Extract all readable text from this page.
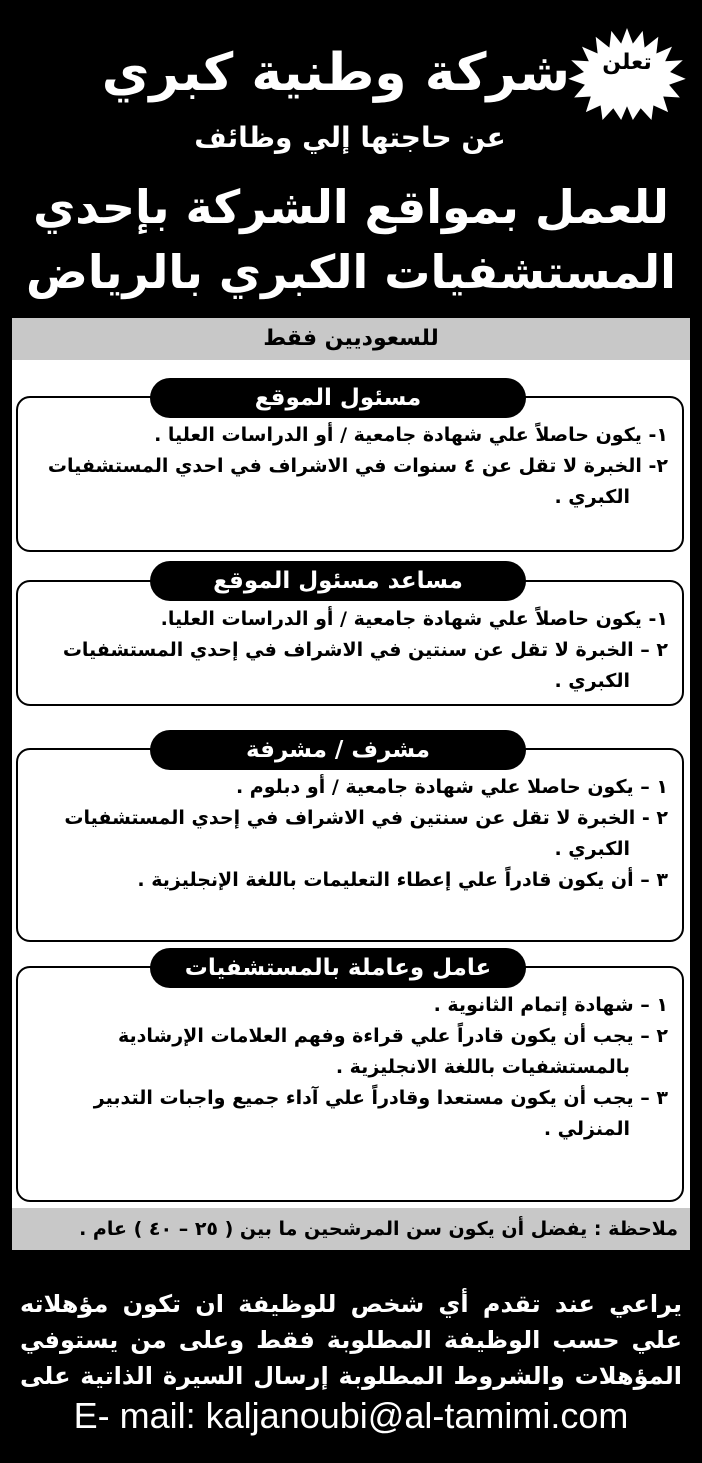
تعلن
شركة وطنية كبري
عن حاجتها إلي وظائف
للعمل بمواقع الشركة بإحدي
المستشفيات الكبري بالرياض
للسعوديين فقط
١- يكون حاصلاً علي شهادة جامعية / أو الدراسات العليا .
٢- الخبرة لا تقل عن ٤ سنوات في الاشراف في احدي المستشفيات الكبري .
مسئول الموقع
١- يكون حاصلاً علي شهادة جامعية / أو الدراسات العليا.
٢ – الخبرة لا تقل عن سنتين في الاشراف في إحدي المستشفيات الكبري .
مساعد مسئول الموقع
١ – يكون حاصلا علي شهادة جامعية / أو دبلوم .
٢ - الخبرة لا تقل عن سنتين في الاشراف في إحدي المستشفيات الكبري .
٣ – أن يكون قادراً علي إعطاء التعليمات باللغة الإنجليزية .
مشرف / مشرفة
١ – شهادة إتمام الثانوية .
٢ – يجب أن يكون قادراً علي قراءة وفهم العلامات الإرشادية بالمستشفيات باللغة الانجليزية .
٣ – يجب أن يكون مستعدا وقادراً علي آداء جميع واجبات التدبير المنزلي .
عامل وعاملة بالمستشفيات
ملاحظة : يفضل أن يكون سن المرشحين ما بين ( ٢٥ – ٤٠ ) عام .
يراعي عند تقدم أي شخص للوظيفة ان تكون مؤهلاته
علي حسب الوظيفة المطلوبة فقط وعلى من يستوفي
المؤهلات والشروط المطلوبة إرسال السيرة الذاتية على
E- mail: kaljanoubi@al-tamimi.com
